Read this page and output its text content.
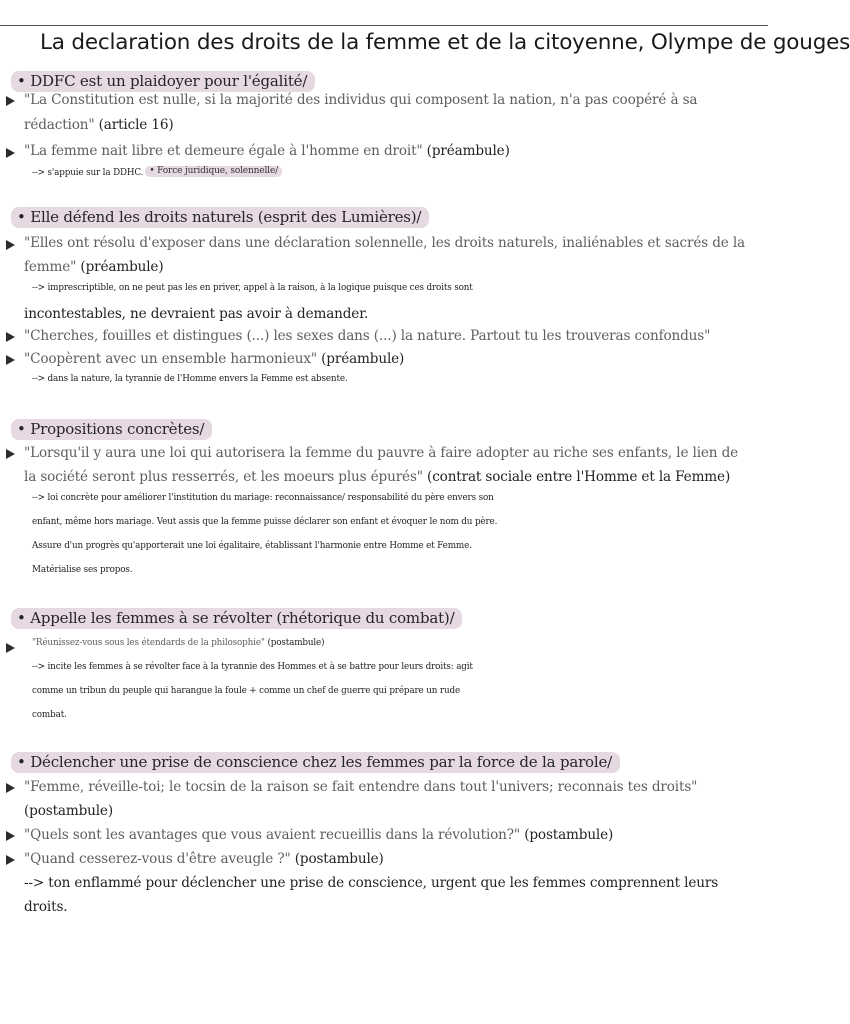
La declaration des droits de la femme et de la citoyenne, Olympe de gouges
• DDFC est un plaidoyer pour l'égalité/
"La Constitution est nulle, si la majorité des individus qui composent la nation, n'a pas coopéré à sa
rédaction" (article 16)
"La femme nait libre et demeure égale à l'homme en droit" (préambule)
--> s'appuie sur la DDHC. • Force juridique, solennelle/
• Elle défend les droits naturels (esprit des Lumières)/
"Elles ont résolu d'exposer dans une déclaration solennelle, les droits naturels, inaliénables et sacrés de la
femme" (préambule)
--> imprescriptible, on ne peut pas les en priver, appel à la raison, à la logique puisque ces droits sont
incontestables, ne devraient pas avoir à demander.
"Cherches, fouilles et distingues (...) les sexes dans (...) la nature. Partout tu les trouveras confondus"
"Coopèrent avec un ensemble harmonieux" (préambule)
--> dans la nature, la tyrannie de l'Homme envers la Femme est absente.
• Propositions concrètes/
"Lorsqu'il y aura une loi qui autorisera la femme du pauvre à faire adopter au riche ses enfants, le lien de
la société seront plus resserrés, et les moeurs plus épurés" (contrat sociale entre l'Homme et la Femme)
--> loi concrète pour améliorer l'institution du mariage: reconnaissance/ responsabilité du père envers son
enfant, même hors mariage. Veut assis que la femme puisse déclarer son enfant et évoquer le nom du père.
Assure d'un progrès qu'apporterait une loi égalitaire, établissant l'harmonie entre Homme et Femme.
Matérialise ses propos.
• Appelle les femmes à se révolter (rhétorique du combat)/
"Réunissez-vous sous les étendards de la philosophie" (postambule)
--> incite les femmes à se révolter face à la tyrannie des Hommes et à se battre pour leurs droits: agit
comme un tribun du peuple qui harangue la foule + comme un chef de guerre qui prépare un rude
combat.
• Déclencher une prise de conscience chez les femmes par la force de la parole/
"Femme, réveille-toi; le tocsin de la raison se fait entendre dans tout l'univers; reconnais tes droits"
(postambule)
"Quels sont les avantages que vous avaient recueillis dans la révolution?" (postambule)
"Quand cesserez-vous d'être aveugle ?" (postambule)
--> ton enflammé pour déclencher une prise de conscience, urgent que les femmes comprennent leurs
droits.
